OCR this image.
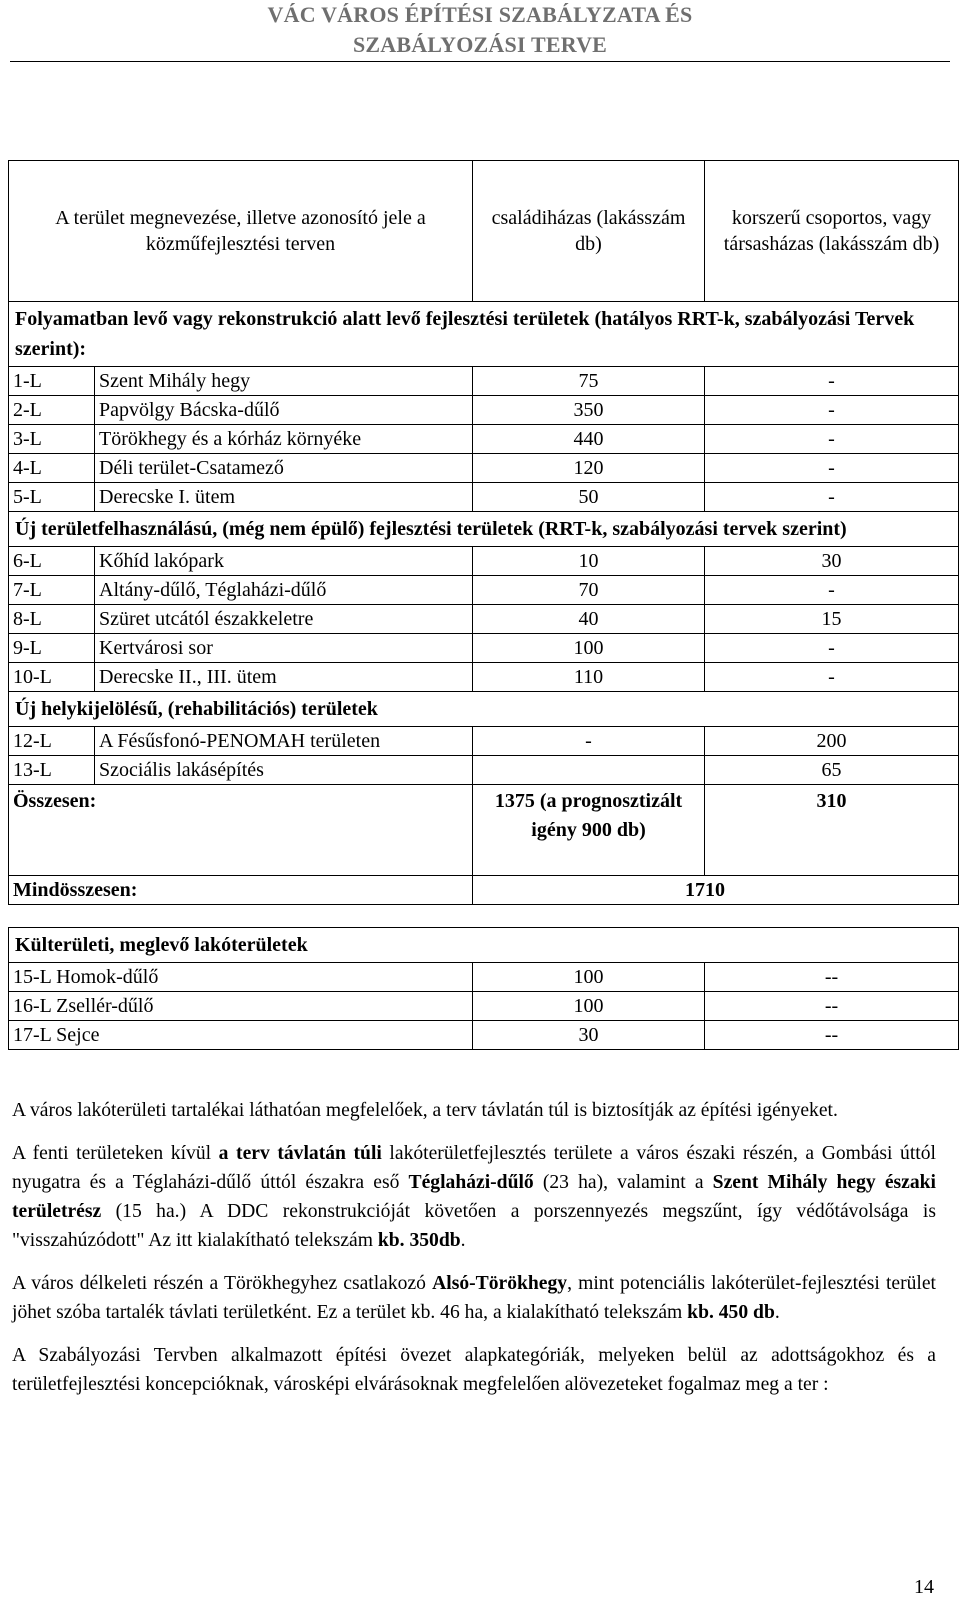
VÁC VÁROS ÉPÍTÉSI SZABÁLYZATA ÉS
SZABÁLYOZÁSI TERVE
A terület megnevezése, illetve azonosító jele a közműfejlesztési terven		családiházas (lakásszám db)	korszerű csoportos, vagy társasházas (lakásszám db)
Folyamatban levő vagy rekonstrukció alatt levő fejlesztési területek (hatályos RRT-k, szabályozási Tervek szerint):			
1-L	Szent Mihály hegy	75	-
2-L	Papvölgy Bácska-dűlő	350	-
3-L	Törökhegy és a kórház környéke	440	-
4-L	Déli terület-Csatamező	120	-
5-L	Derecske I. ütem	50	-
Új területfelhasználású, (még nem épülő) fejlesztési területek (RRT-k, szabályozási tervek szerint)			
6-L	Kőhíd lakópark	10	30
7-L	Altány-dűlő, Téglaházi-dűlő	70	-
8-L	Szüret utcától északkeletre	40	15
9-L	Kertvárosi sor	100	-
10-L	Derecske II., III. ütem	110	-
Új helykijelölésű, (rehabilitációs) területek			
12-L	A Fésűsfonó-PENOMAH területen	-	200
13-L	Szociális lakásépítés		65
Összesen:		1375 (a prognosztizált igény 900 db)	310
Mindösszesen:		1710	

Külterületi, meglevő lakóterületek			
15-L Homok-dűlő		100	--
16-L Zsellér-dűlő		100	--
17-L Sejce		30	--

A város lakóterületi tartalékai láthatóan megfelelőek, a terv távlatán túl is biztosítják az építési igényeket.

A fenti területeken kívül a terv távlatán túli lakóterületfejlesztés területe a város északi részén, a Gombási úttól nyugatra és a Téglaházi-dűlő úttól északra eső Téglaházi-dűlő (23 ha), valamint a Szent Mihály hegy északi területrész (15 ha.) A DDC rekonstrukcióját követően a porszennyezés megszűnt, így védőtávolsága is "visszahúzódott" Az itt kialakítható telekszám kb. 350db.

A város délkeleti részén a Törökhegyhez csatlakozó Alsó-Törökhegy, mint potenciális lakóterület-fejlesztési terület jöhet szóba tartalék távlati területként. Ez a terület kb. 46 ha, a kialakítható telekszám kb. 450 db.

A Szabályozási Tervben alkalmazott építési övezet alapkategóriák, melyeken belül az adottságokhoz és a területfejlesztési koncepcióknak, városképi elvárásoknak megfelelően alövezeteket fogalmaz meg a ter :

14
